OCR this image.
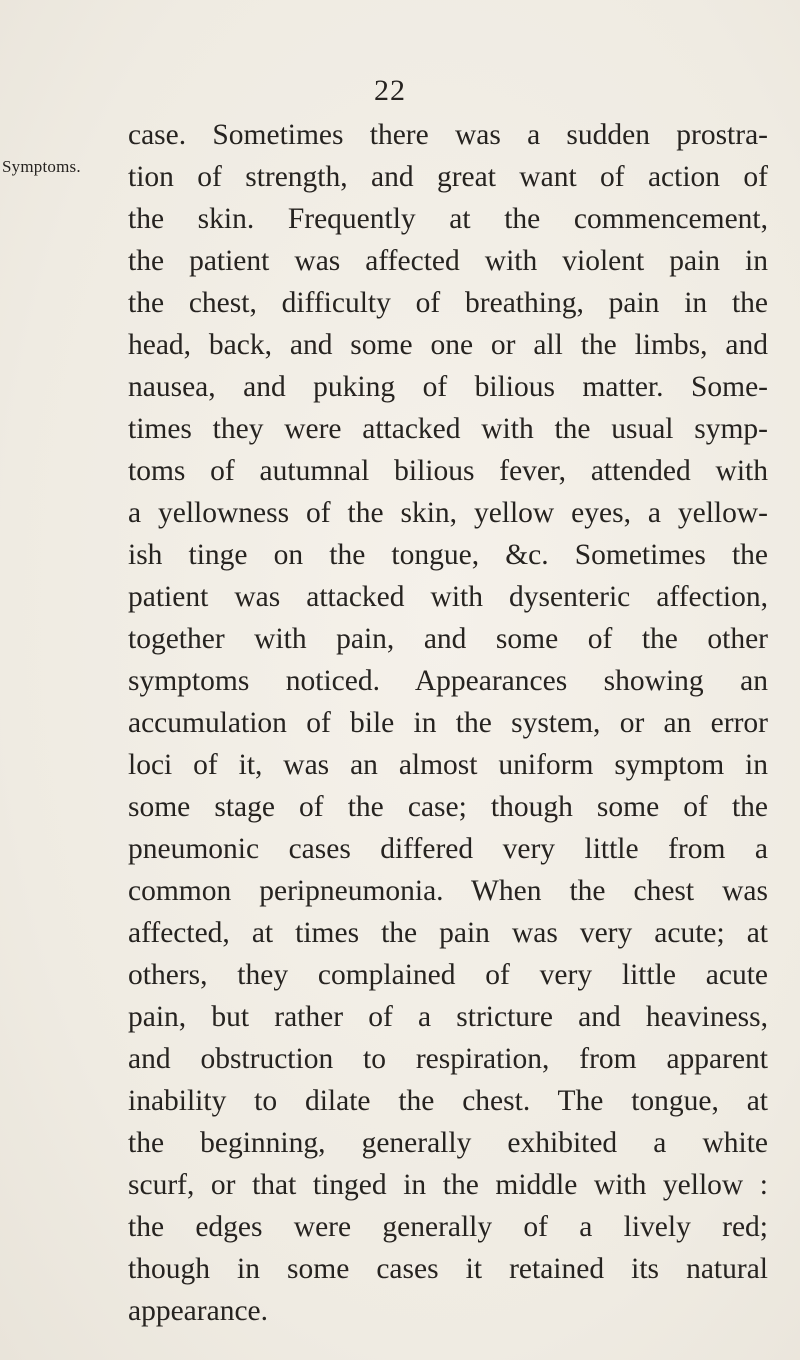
22
Symptoms.
case. Sometimes there was a sudden prostra-
tion of strength, and great want of action of
the skin. Frequently at the commencement,
the patient was affected with violent pain in
the chest, difficulty of breathing, pain in the
head, back, and some one or all the limbs, and
nausea, and puking of bilious matter. Some-
times they were attacked with the usual symp-
toms of autumnal bilious fever, attended with
a yellowness of the skin, yellow eyes, a yellow-
ish tinge on the tongue, &c. Sometimes the
patient was attacked with dysenteric affection,
together with pain, and some of the other
symptoms noticed. Appearances showing an
accumulation of bile in the system, or an error
loci of it, was an almost uniform symptom in
some stage of the case; though some of the
pneumonic cases differed very little from a
common peripneumonia. When the chest was
affected, at times the pain was very acute; at
others, they complained of very little acute
pain, but rather of a stricture and heaviness,
and obstruction to respiration, from apparent
inability to dilate the chest. The tongue, at
the beginning, generally exhibited a white
scurf, or that tinged in the middle with yellow :
the edges were generally of a lively red;
though in some cases it retained its natural
appearance.
